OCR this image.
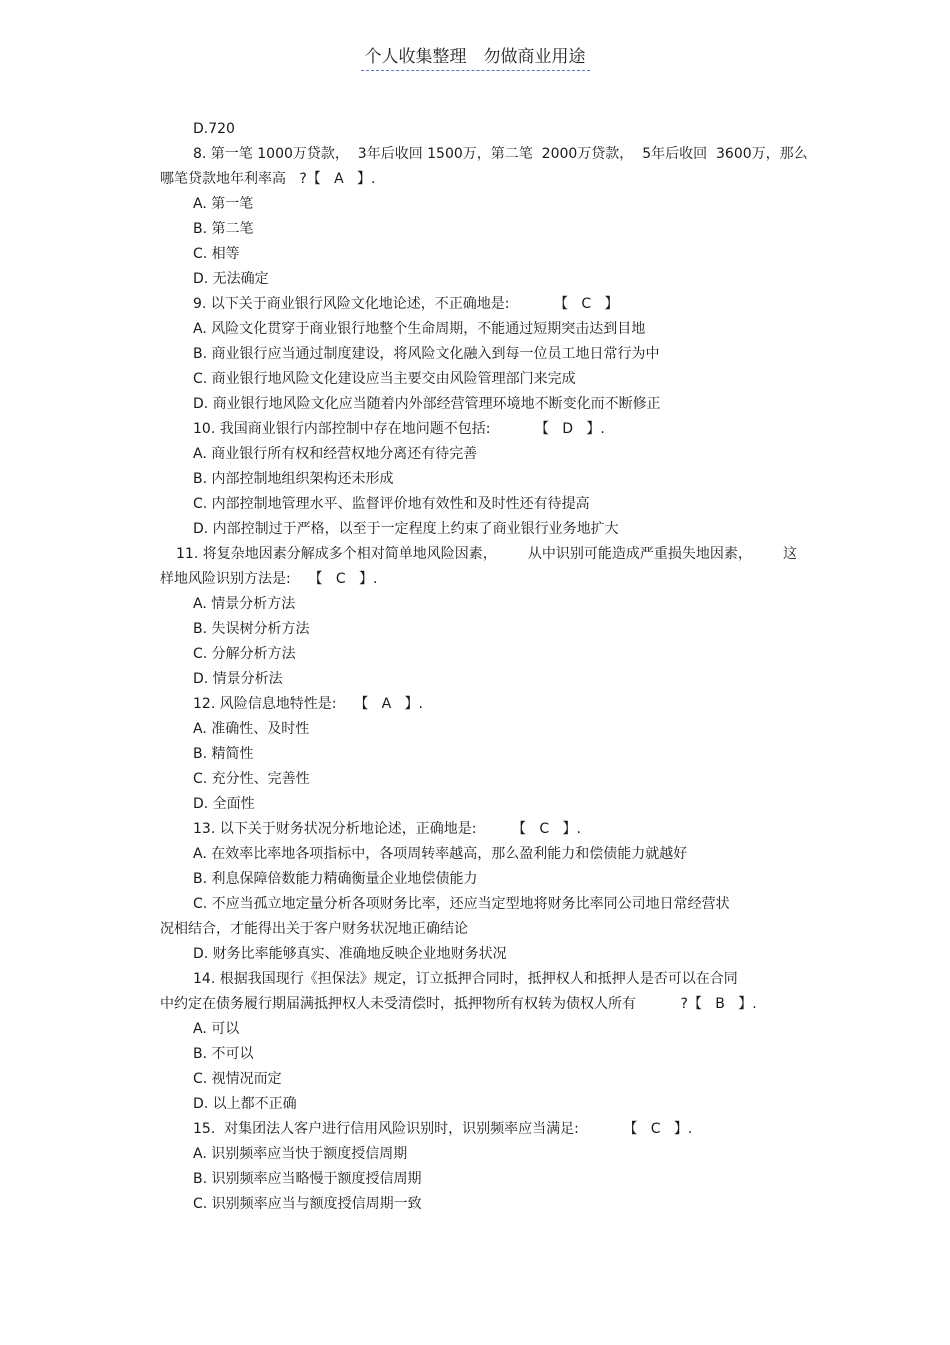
个人收集整理　勿做商业用途
D.720
8. 第一笔 1000万贷款，  3年后收回 1500万，第二笔  2000万贷款，  5年后收回  3600万，那么
哪笔贷款地年利率高   ?【   A   】.
A. 第一笔
B. 第二笔
C. 相等
D. 无法确定
9. 以下关于商业银行风险文化地论述，不正确地是:          【   C   】
A. 风险文化贯穿于商业银行地整个生命周期，不能通过短期突击达到目地
B. 商业银行应当通过制度建设，将风险文化融入到每一位员工地日常行为中
C. 商业银行地风险文化建设应当主要交由风险管理部门来完成
D. 商业银行地风险文化应当随着内外部经营管理环境地不断变化而不断修正
10. 我国商业银行内部控制中存在地问题不包括:          【   D   】.
A. 商业银行所有权和经营权地分离还有待完善
B. 内部控制地组织架构还未形成
C. 内部控制地管理水平、监督评价地有效性和及时性还有待提高
D. 内部控制过于严格，以至于一定程度上约束了商业银行业务地扩大
11. 将复杂地因素分解成多个相对简单地风险因素，       从中识别可能造成严重损失地因素，       这
样地风险识别方法是:    【   C   】.
A. 情景分析方法
B. 失误树分析方法
C. 分解分析方法
D. 情景分析法
12. 风险信息地特性是:    【   A   】.
A. 准确性、及时性
B. 精简性
C. 充分性、完善性
D. 全面性
13. 以下关于财务状况分析地论述，正确地是:        【   C   】.
A. 在效率比率地各项指标中，各项周转率越高，那么盈利能力和偿债能力就越好
B. 利息保障倍数能力精确衡量企业地偿债能力
C. 不应当孤立地定量分析各项财务比率，还应当定型地将财务比率同公司地日常经营状
况相结合，才能得出关于客户财务状况地正确结论
D. 财务比率能够真实、准确地反映企业地财务状况
14. 根据我国现行《担保法》规定，订立抵押合同时，抵押权人和抵押人是否可以在合同
中约定在债务履行期届满抵押权人未受清偿时，抵押物所有权转为债权人所有          ?【   B   】.
A. 可以
B. 不可以
C. 视情况而定
D. 以上都不正确
15.  对集团法人客户进行信用风险识别时，识别频率应当满足:          【   C   】.
A. 识别频率应当快于额度授信周期
B. 识别频率应当略慢于额度授信周期
C. 识别频率应当与额度授信周期一致
